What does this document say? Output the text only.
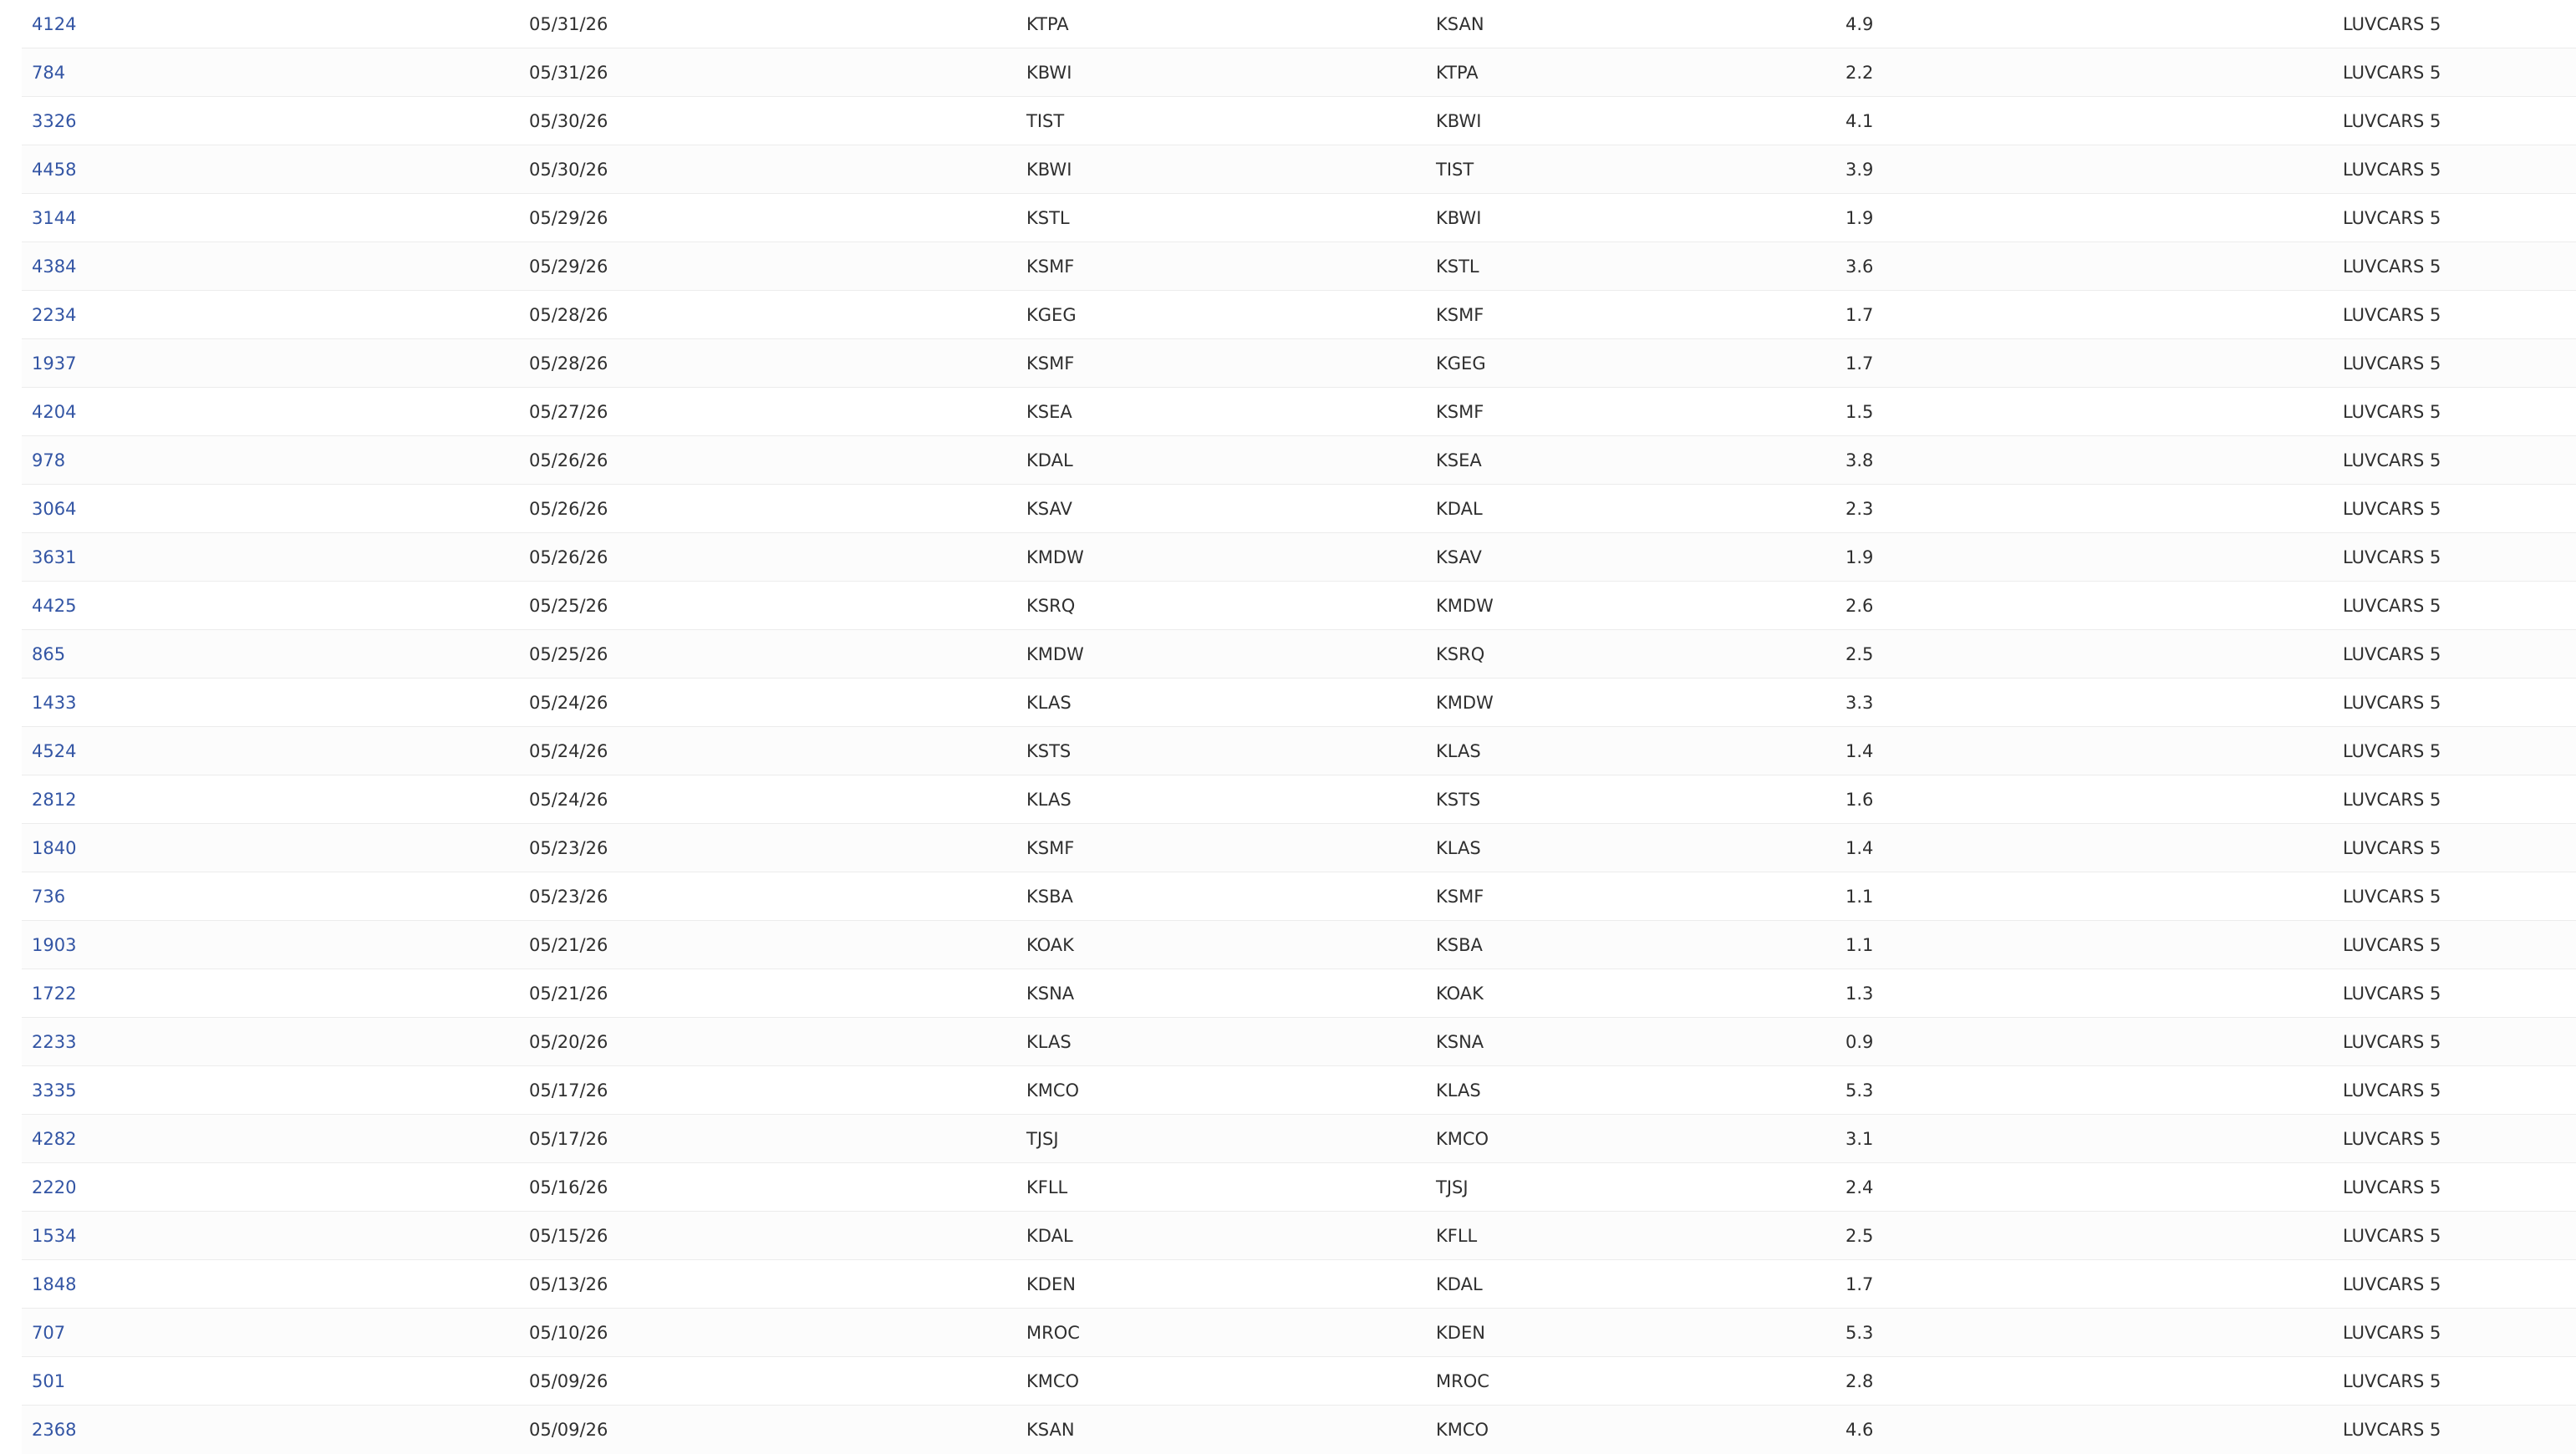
4124	05/31/26	KTPA	KSAN	4.9	LUVCARS 5
784	05/31/26	KBWI	KTPA	2.2	LUVCARS 5
3326	05/30/26	TIST	KBWI	4.1	LUVCARS 5
4458	05/30/26	KBWI	TIST	3.9	LUVCARS 5
3144	05/29/26	KSTL	KBWI	1.9	LUVCARS 5
4384	05/29/26	KSMF	KSTL	3.6	LUVCARS 5
2234	05/28/26	KGEG	KSMF	1.7	LUVCARS 5
1937	05/28/26	KSMF	KGEG	1.7	LUVCARS 5
4204	05/27/26	KSEA	KSMF	1.5	LUVCARS 5
978	05/26/26	KDAL	KSEA	3.8	LUVCARS 5
3064	05/26/26	KSAV	KDAL	2.3	LUVCARS 5
3631	05/26/26	KMDW	KSAV	1.9	LUVCARS 5
4425	05/25/26	KSRQ	KMDW	2.6	LUVCARS 5
865	05/25/26	KMDW	KSRQ	2.5	LUVCARS 5
1433	05/24/26	KLAS	KMDW	3.3	LUVCARS 5
4524	05/24/26	KSTS	KLAS	1.4	LUVCARS 5
2812	05/24/26	KLAS	KSTS	1.6	LUVCARS 5
1840	05/23/26	KSMF	KLAS	1.4	LUVCARS 5
736	05/23/26	KSBA	KSMF	1.1	LUVCARS 5
1903	05/21/26	KOAK	KSBA	1.1	LUVCARS 5
1722	05/21/26	KSNA	KOAK	1.3	LUVCARS 5
2233	05/20/26	KLAS	KSNA	0.9	LUVCARS 5
3335	05/17/26	KMCO	KLAS	5.3	LUVCARS 5
4282	05/17/26	TJSJ	KMCO	3.1	LUVCARS 5
2220	05/16/26	KFLL	TJSJ	2.4	LUVCARS 5
1534	05/15/26	KDAL	KFLL	2.5	LUVCARS 5
1848	05/13/26	KDEN	KDAL	1.7	LUVCARS 5
707	05/10/26	MROC	KDEN	5.3	LUVCARS 5
501	05/09/26	KMCO	MROC	2.8	LUVCARS 5
2368	05/09/26	KSAN	KMCO	4.6	LUVCARS 5
